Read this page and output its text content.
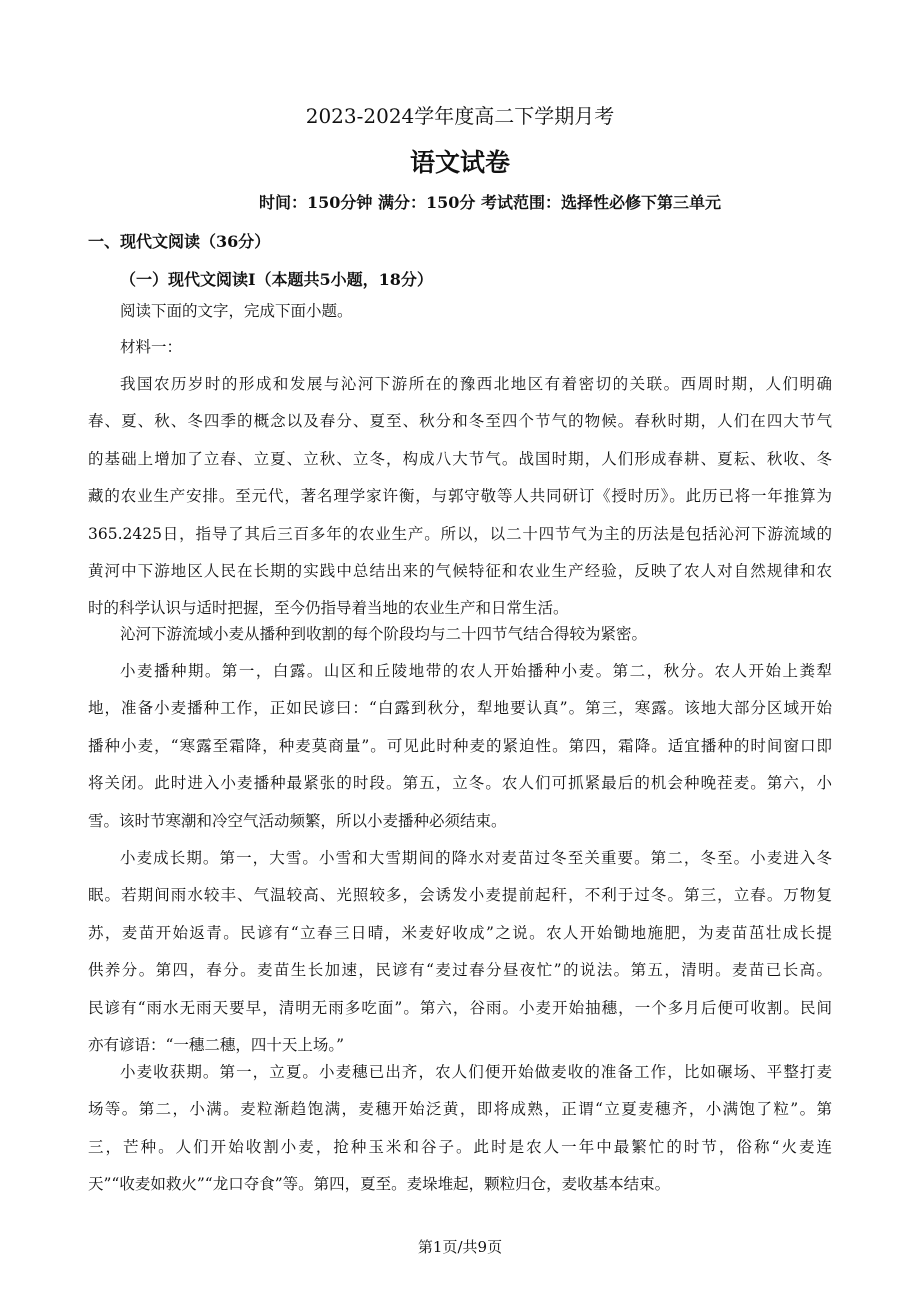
2023-2024学年度高二下学期月考
语文试卷
时间：150分钟 满分：150分 考试范围：选择性必修下第三单元
一、现代文阅读（36分）
（一）现代文阅读Ⅰ（本题共5小题，18分）
阅读下面的文字，完成下面小题。
材料一：
我国农历岁时的形成和发展与沁河下游所在的豫西北地区有着密切的关联。西周时期，人们明确
春、夏、秋、冬四季的概念以及春分、夏至、秋分和冬至四个节气的物候。春秋时期，人们在四大节气
的基础上增加了立春、立夏、立秋、立冬，构成八大节气。战国时期，人们形成春耕、夏耘、秋收、冬
藏的农业生产安排。至元代，著名理学家许衡，与郭守敬等人共同研订《授时历》。此历已将一年推算为
365.2425日，指导了其后三百多年的农业生产。所以，以二十四节气为主的历法是包括沁河下游流域的
黄河中下游地区人民在长期的实践中总结出来的气候特征和农业生产经验，反映了农人对自然规律和农
时的科学认识与适时把握，至今仍指导着当地的农业生产和日常生活。
沁河下游流域小麦从播种到收割的每个阶段均与二十四节气结合得较为紧密。
小麦播种期。第一，白露。山区和丘陵地带的农人开始播种小麦。第二，秋分。农人开始上粪犁
地，准备小麦播种工作，正如民谚曰：“白露到秋分，犁地要认真”。第三，寒露。该地大部分区域开始
播种小麦，“寒露至霜降，种麦莫商量”。可见此时种麦的紧迫性。第四，霜降。适宜播种的时间窗口即
将关闭。此时进入小麦播种最紧张的时段。第五，立冬。农人们可抓紧最后的机会种晚茬麦。第六，小
雪。该时节寒潮和冷空气活动频繁，所以小麦播种必须结束。
小麦成长期。第一，大雪。小雪和大雪期间的降水对麦苗过冬至关重要。第二，冬至。小麦进入冬
眠。若期间雨水较丰、气温较高、光照较多，会诱发小麦提前起秆，不利于过冬。第三，立春。万物复
苏，麦苗开始返青。民谚有“立春三日晴，米麦好收成”之说。农人开始锄地施肥，为麦苗茁壮成长提
供养分。第四，春分。麦苗生长加速，民谚有“麦过春分昼夜忙”的说法。第五，清明。麦苗已长高。
民谚有“雨水无雨天要早，清明无雨多吃面”。第六，谷雨。小麦开始抽穗，一个多月后便可收割。民间
亦有谚语：“一穗二穗，四十天上场。”
小麦收获期。第一，立夏。小麦穗已出齐，农人们便开始做麦收的准备工作，比如碾场、平整打麦
场等。第二，小满。麦粒渐趋饱满，麦穗开始泛黄，即将成熟，正谓“立夏麦穗齐，小满饱了粒”。第
三，芒种。人们开始收割小麦，抢种玉米和谷子。此时是农人一年中最繁忙的时节，俗称“火麦连
天”“收麦如救火”“龙口夺食”等。第四，夏至。麦垛堆起，颗粒归仓，麦收基本结束。
第1页/共9页
